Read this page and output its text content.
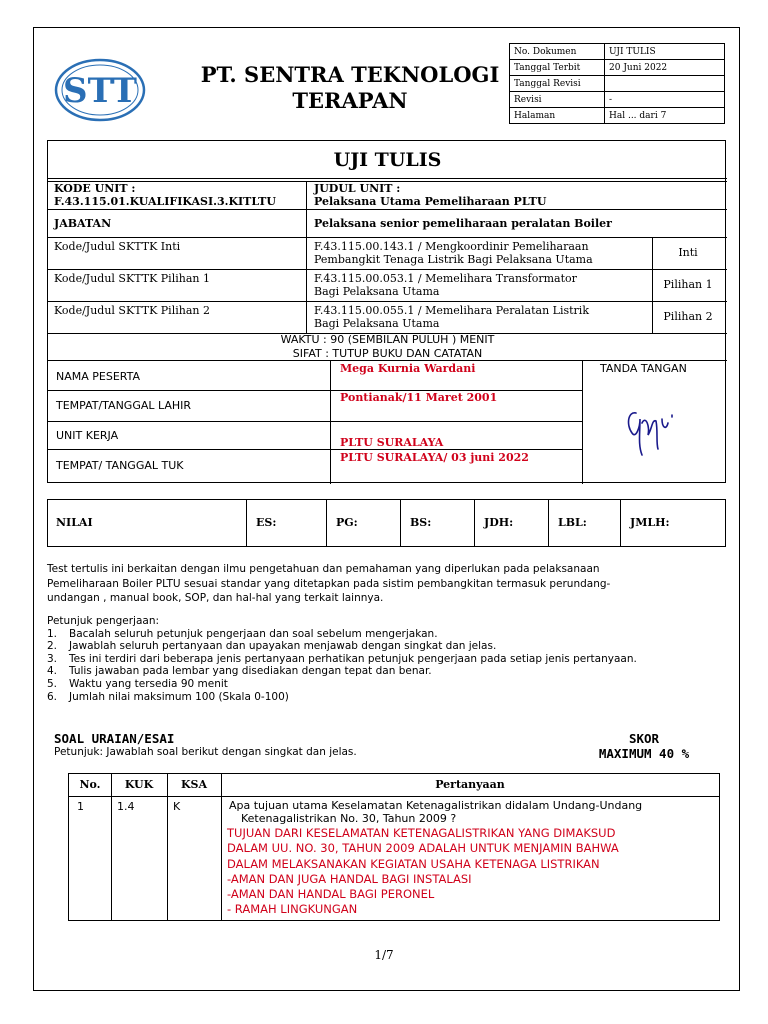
STT	PT. SENTRA TEKNOLOGI
TERAPAN
No. Dokumen	UJI TULIS
Tanggal Terbit	20 Juni 2022
Tanggal Revisi	
Revisi	-
Halaman	Hal ... dari 7
UJI TULIS
KODE UNIT :
F.43.115.01.KUALIFIKASI.3.KITLTU
JUDUL UNIT :
Pelaksana Utama Pemeliharaan PLTU
JABATAN	Pelaksana senior pemeliharaan peralatan Boiler
Kode/Judul SKTTK Inti	F.43.115.00.143.1 / Mengkoordinir Pemeliharaan
Pembangkit Tenaga Listrik Bagi Pelaksana Utama
Inti
Kode/Judul SKTTK Pilihan 1	F.43.115.00.053.1 / Memelihara Transformator
Bagi Pelaksana Utama
Pilihan 1
Kode/Judul SKTTK Pilihan 2	F.43.115.00.055.1 / Memelihara Peralatan Listrik
Bagi Pelaksana Utama
Pilihan 2
WAKTU : 90 (SEMBILAN PULUH ) MENIT
SIFAT : TUTUP BUKU DAN CATATAN
NAMA PESERTA
Mega Kurnia Wardani
TEMPAT/TANGGAL LAHIR
Pontianak/11 Maret 2001
UNIT KERJA
PLTU SURALAYA
TEMPAT/ TANGGAL TUK
PLTU SURALAYA/ 03 juni 2022
TANDA TANGAN
NILAI	ES:	PG:	BS:	JDH:	LBL:	JMLH:
Test tertulis ini berkaitan dengan ilmu pengetahuan dan pemahaman yang diperlukan pada pelaksanaan
Pemeliharaan Boiler PLTU sesuai standar yang ditetapkan pada sistim pembangkitan termasuk perundang-
undangan , manual book, SOP, dan hal-hal yang terkait lainnya.
Petunjuk pengerjaan:
1.	Bacalah seluruh petunjuk pengerjaan dan soal sebelum mengerjakan.
2.	Jawablah seluruh pertanyaan dan upayakan menjawab dengan singkat dan jelas.
3.	Tes ini terdiri dari beberapa jenis pertanyaan perhatikan petunjuk pengerjaan pada setiap jenis pertanyaan.
4.	Tulis jawaban pada lembar yang disediakan dengan tepat dan benar.
5.	Waktu yang tersedia 90 menit
6.	Jumlah nilai maksimum 100 (Skala 0-100)
SOAL URAIAN/ESAI
Petunjuk: Jawablah soal berikut dengan singkat dan jelas.
SKOR
MAXIMUM 40 %
No.	KUK	KSA	Pertanyaan
1	1.4	K	Apa tujuan utama Keselamatan Ketenagalistrikan didalam Undang-Undang
Ketenagalistrikan No. 30, Tahun 2009 ?
TUJUAN DARI KESELAMATAN KETENAGALISTRIKAN YANG DIMAKSUD
DALAM UU. NO. 30, TAHUN 2009 ADALAH UNTUK MENJAMIN BAHWA
DALAM MELAKSANAKAN KEGIATAN USAHA KETENAGA LISTRIKAN
-AMAN DAN JUGA HANDAL BAGI INSTALASI
-AMAN DAN HANDAL BAGI PERONEL
- RAMAH LINGKUNGAN
1/7
